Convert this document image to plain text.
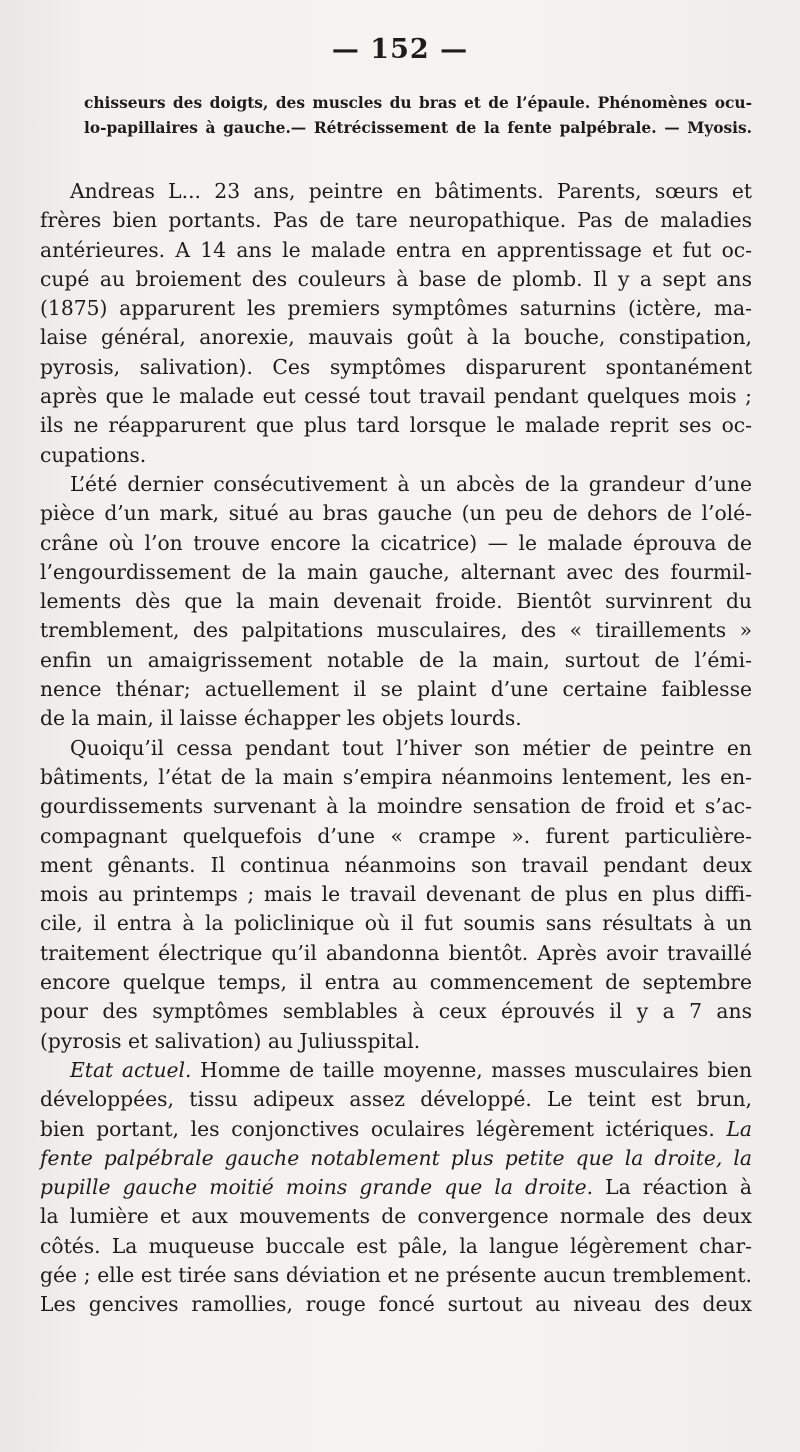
— 152 —
chisseurs des doigts, des muscles du bras et de l’épaule. Phénomènes ocu-
lo-papillaires à gauche.— Rétrécissement de la fente palpébrale. — Myosis.

Andreas L... 23 ans, peintre en bâtiments. Parents, sœurs et
frères bien portants. Pas de tare neuropathique. Pas de maladies
antérieures. A 14 ans le malade entra en apprentissage et fut oc-
cupé au broiement des couleurs à base de plomb. Il y a sept ans
(1875) apparurent les premiers symptômes saturnins (ictère, ma-
laise général, anorexie, mauvais goût à la bouche, constipation,
pyrosis, salivation). Ces symptômes disparurent spontanément
après que le malade eut cessé tout travail pendant quelques mois ;
ils ne réapparurent que plus tard lorsque le malade reprit ses oc-
cupations.

L’été dernier consécutivement à un abcès de la grandeur d’une
pièce d’un mark, situé au bras gauche (un peu de dehors de l’olé-
crâne où l’on trouve encore la cicatrice) — le malade éprouva de
l’engourdissement de la main gauche, alternant avec des fourmil-
lements dès que la main devenait froide. Bientôt survinrent du
tremblement, des palpitations musculaires, des « tiraillements »
enfin un amaigrissement notable de la main, surtout de l’émi-
nence thénar; actuellement il se plaint d’une certaine faiblesse
de la main, il laisse échapper les objets lourds.

Quoiqu’il cessa pendant tout l’hiver son métier de peintre en
bâtiments, l’état de la main s’empira néanmoins lentement, les en-
gourdissements survenant à la moindre sensation de froid et s’ac-
compagnant quelquefois d’une « crampe ». furent particulière-
ment gênants. Il continua néanmoins son travail pendant deux
mois au printemps ; mais le travail devenant de plus en plus diffi-
cile, il entra à la policlinique où il fut soumis sans résultats à un
traitement électrique qu’il abandonna bientôt. Après avoir travaillé
encore quelque temps, il entra au commencement de septembre
pour des symptômes semblables à ceux éprouvés il y a 7 ans
(pyrosis et salivation) au Juliusspital.

Etat actuel. Homme de taille moyenne, masses musculaires bien
développées, tissu adipeux assez développé. Le teint est brun,
bien portant, les conjonctives oculaires légèrement ictériques. La
fente palpébrale gauche notablement plus petite que la droite, la
pupille gauche moitié moins grande que la droite. La réaction à
la lumière et aux mouvements de convergence normale des deux
côtés. La muqueuse buccale est pâle, la langue légèrement char-
gée ; elle est tirée sans déviation et ne présente aucun tremblement.
Les gencives ramollies, rouge foncé surtout au niveau des deux
